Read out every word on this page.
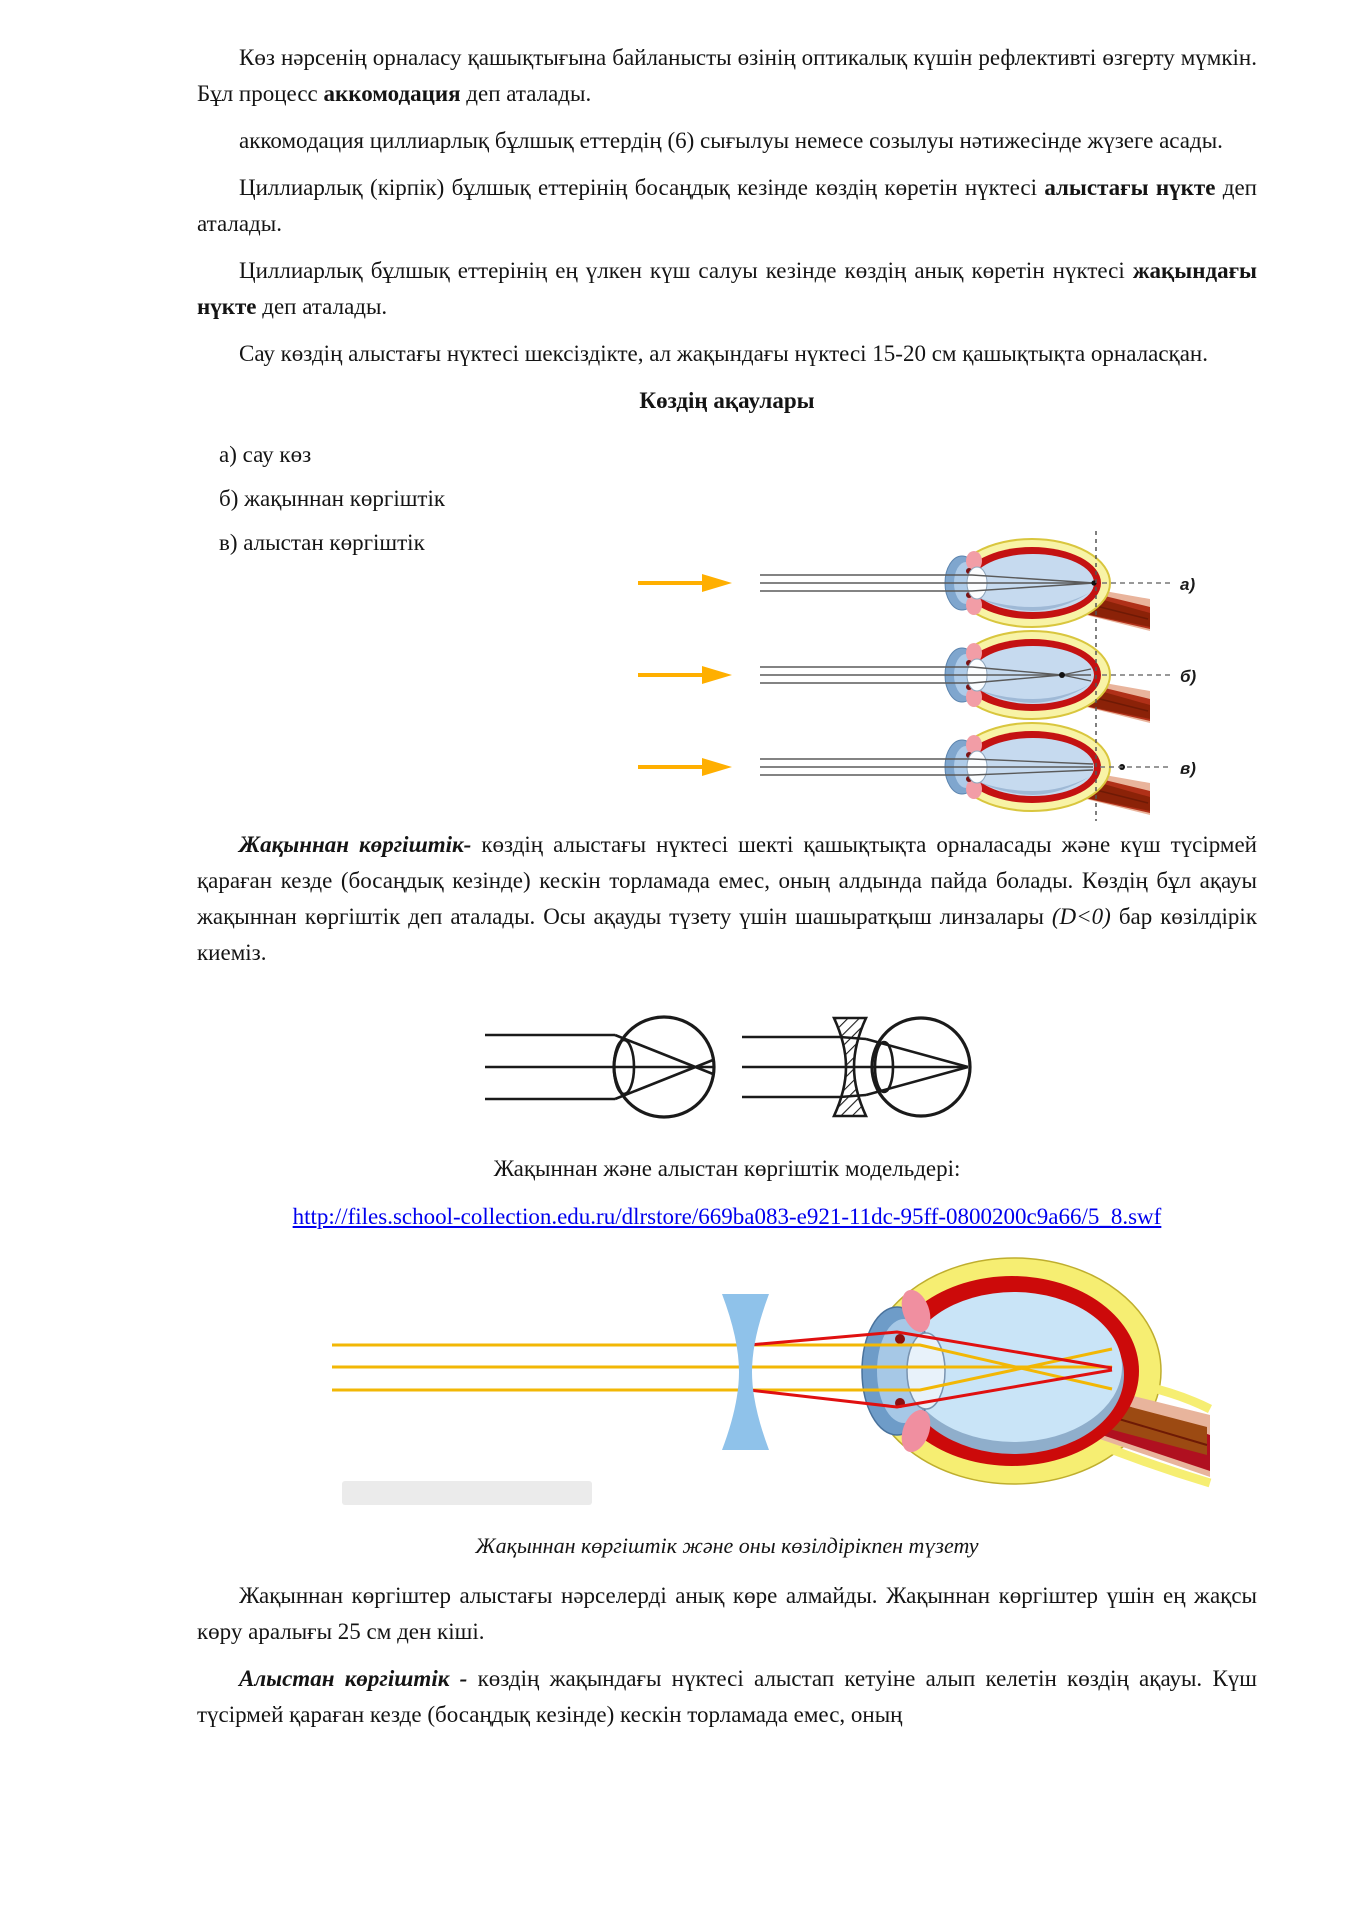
Көз нәрсенің орналасу қашықтығына байланысты өзінің оптикалық күшін рефлективті өзгерту мүмкін. Бұл процесс аккомодация деп аталады.

аккомодация циллиарлық бұлшық еттердің (6) сығылуы немесе созылуы нәтижесінде жүзеге асады.

Циллиарлық (кірпік) бұлшық еттерінің босаңдық кезінде көздің көретін нүктесі алыстағы нүкте деп аталады.

Циллиарлық бұлшық еттерінің ең үлкен күш салуы кезінде көздің анық көретін нүктесі жақындағы нүкте деп аталады.

Сау көздің алыстағы нүктесі шексіздікте, ал жақындағы нүктесі 15-20 см қашықтықта орналасқан.

Көздің ақаулары
а) сау көз
б) жақыннан көргіштік
в) алыстан көргіштік
а)
б)
в)

Жақыннан көргіштік- көздің алыстағы нүктесі шекті қашықтықта орналасады және күш түсірмей қараған кезде (босаңдық кезінде) кескін торламада емес, оның алдында пайда болады. Көздің бұл ақауы жақыннан көргіштік деп аталады. Осы ақауды түзету үшін шашыратқыш линзалары (D<0) бар көзілдірік киеміз.

Жақыннан және алыстан көргіштік модельдері:

http://files.school-collection.edu.ru/dlrstore/669ba083-e921-11dc-95ff-0800200c9a66/5_8.swf

Жақыннан көргіштік және оны көзілдірікпен түзету

Жақыннан көргіштер алыстағы нәрселерді анық көре алмайды. Жақыннан көргіштер үшін ең жақсы көру аралығы 25 см ден кіші.

Алыстан көргіштік - көздің жақындағы нүктесі алыстап кетуіне алып келетін көздің ақауы. Күш түсірмей қараған кезде (босаңдық кезінде) кескін торламада емес, оның
